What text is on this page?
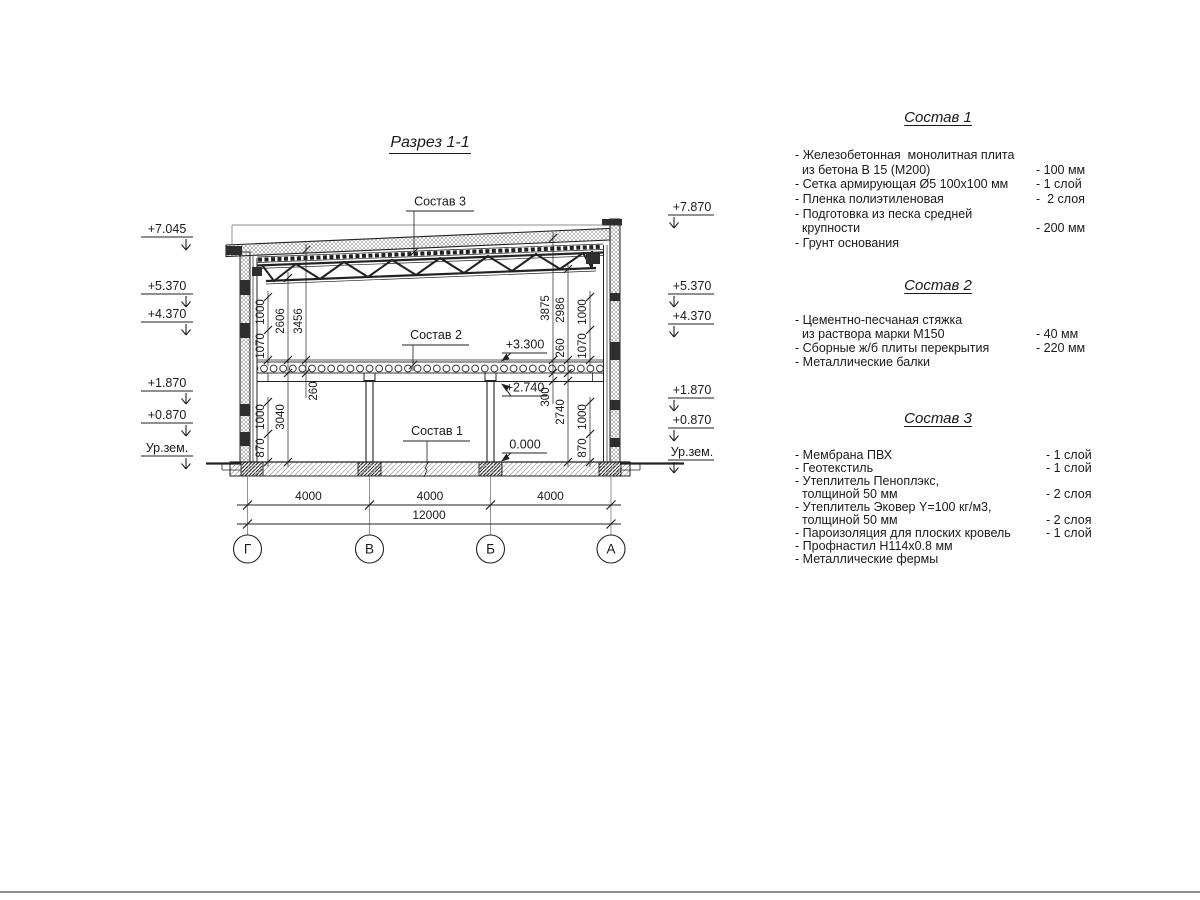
Разрез 1-1
4000	4000	4000
12000
Г	В	Б	А
1000 2606 3456
1070
260
3040
1000
870
3875 2986 1000
260 1070
300
2740 1000
870
+7.045
+5.370
+4.370
+1.870
+0.870
Ур.зем.
+7.870
+5.370
+4.370
+1.870
+0.870
Ур.зем.
+3.300
+2.740
0.000
Состав 3
Состав 2
Состав 1
Состав 1
Состав 2
Состав 3
- Железобетонная  монолитная плита
из бетона В 15 (М200)	- 100 мм
- Сетка армирующая Ø5 100х100 мм - 1 слой
- Пленка полиэтиленовая	-  2 слоя
- Подготовка из песка средней
крупности	- 200 мм
- Грунт основания
- Цементно-песчаная стяжка
из раствора марки М150	- 40 мм
- Сборные ж/б плиты перекрытия	- 220 мм
- Металлические балки
- Мембрана ПВХ	- 1 слой
- Геотекстиль	- 1 слой
- Утеплитель Пеноплэкс,
толщиной 50 мм	- 2 слоя
- Утеплитель Эковер Y=100 кг/м3,
толщиной 50 мм	- 2 слоя
- Пароизоляция для плоских кровель	- 1 слой
- Профнастил Н114х0.8 мм
- Металлические фермы
